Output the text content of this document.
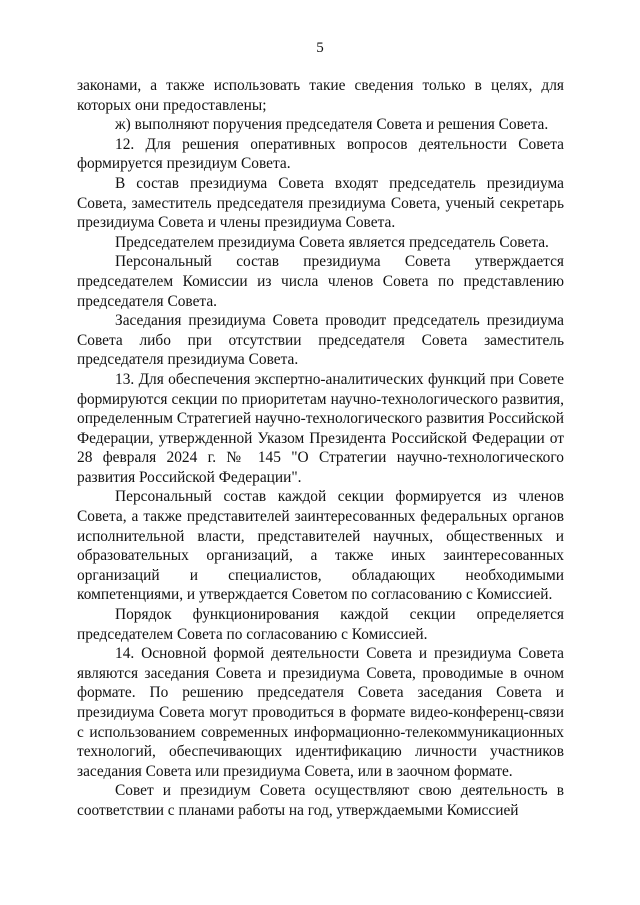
5

законами, а также использовать такие сведения только в целях, для которых они предоставлены;

ж) выполняют поручения председателя Совета и решения Совета.

12. Для решения оперативных вопросов деятельности Совета формируется президиум Совета.

В состав президиума Совета входят председатель президиума Совета, заместитель председателя президиума Совета, ученый секретарь президиума Совета и члены президиума Совета.

Председателем президиума Совета является председатель Совета.

Персональный состав президиума Совета утверждается председателем Комиссии из числа членов Совета по представлению председателя Совета.

Заседания президиума Совета проводит председатель президиума Совета либо при отсутствии председателя Совета заместитель председателя президиума Совета.

13. Для обеспечения экспертно-аналитических функций при Совете формируются секции по приоритетам научно-технологического развития, определенным Стратегией научно-технологического развития Российской Федерации, утвержденной Указом Президента Российской Федерации от 28 февраля 2024 г. № 145 "О Стратегии научно-технологического развития Российской Федерации".

Персональный состав каждой секции формируется из членов Совета, а также представителей заинтересованных федеральных органов исполнительной власти, представителей научных, общественных и образовательных организаций, а также иных заинтересованных организаций и специалистов, обладающих необходимыми компетенциями, и утверждается Советом по согласованию с Комиссией.

Порядок функционирования каждой секции определяется председателем Совета по согласованию с Комиссией.

14. Основной формой деятельности Совета и президиума Совета являются заседания Совета и президиума Совета, проводимые в очном формате. По решению председателя Совета заседания Совета и президиума Совета могут проводиться в формате видео-конференц-связи с использованием современных информационно-телекоммуникационных технологий, обеспечивающих идентификацию личности участников заседания Совета или президиума Совета, или в заочном формате.

Совет и президиум Совета осуществляют свою деятельность в соответствии с планами работы на год, утверждаемыми Комиссией
